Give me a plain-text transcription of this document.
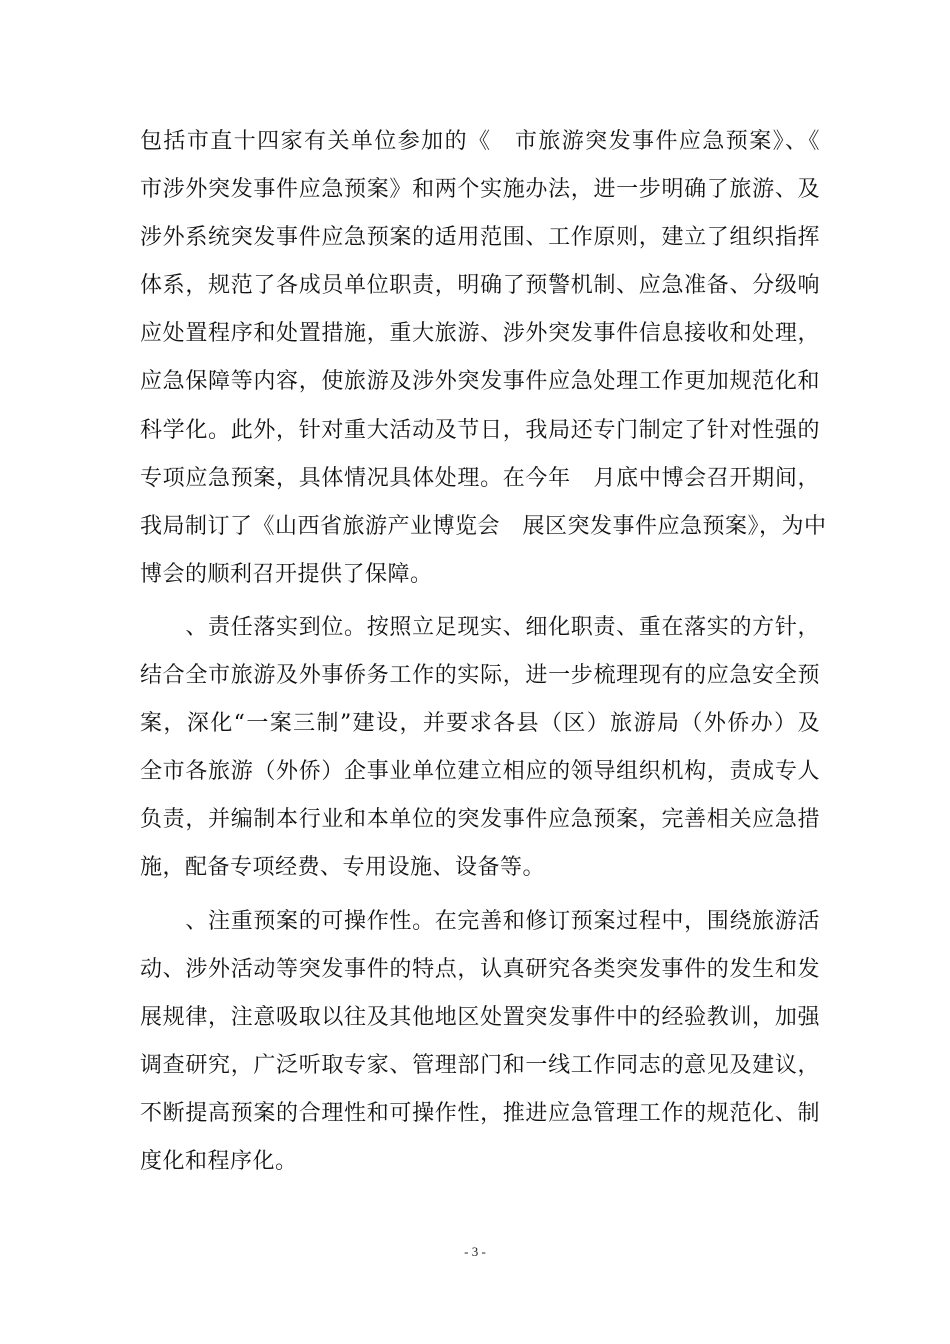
包括市直十四家有关单位参加的《　市旅游突发事件应急预案》、《
市涉外突发事件应急预案》和两个实施办法，进一步明确了旅游、及
涉外系统突发事件应急预案的适用范围、工作原则，建立了组织指挥
体系，规范了各成员单位职责，明确了预警机制、应急准备、分级响
应处置程序和处置措施，重大旅游、涉外突发事件信息接收和处理，
应急保障等内容，使旅游及涉外突发事件应急处理工作更加规范化和
科学化。此外，针对重大活动及节日，我局还专门制定了针对性强的
专项应急预案，具体情况具体处理。在今年　月底中博会召开期间，
我局制订了《山西省旅游产业博览会　展区突发事件应急预案》，为中
博会的顺利召开提供了保障。
　　、责任落实到位。按照立足现实、细化职责、重在落实的方针，
结合全市旅游及外事侨务工作的实际，进一步梳理现有的应急安全预
案，深化“一案三制”建设，并要求各县（区）旅游局（外侨办）及
全市各旅游（外侨）企事业单位建立相应的领导组织机构，责成专人
负责，并编制本行业和本单位的突发事件应急预案，完善相关应急措
施，配备专项经费、专用设施、设备等。
　　、注重预案的可操作性。在完善和修订预案过程中，围绕旅游活
动、涉外活动等突发事件的特点，认真研究各类突发事件的发生和发
展规律，注意吸取以往及其他地区处置突发事件中的经验教训，加强
调查研究，广泛听取专家、管理部门和一线工作同志的意见及建议，
不断提高预案的合理性和可操作性，推进应急管理工作的规范化、制
度化和程序化。
- 3 -
